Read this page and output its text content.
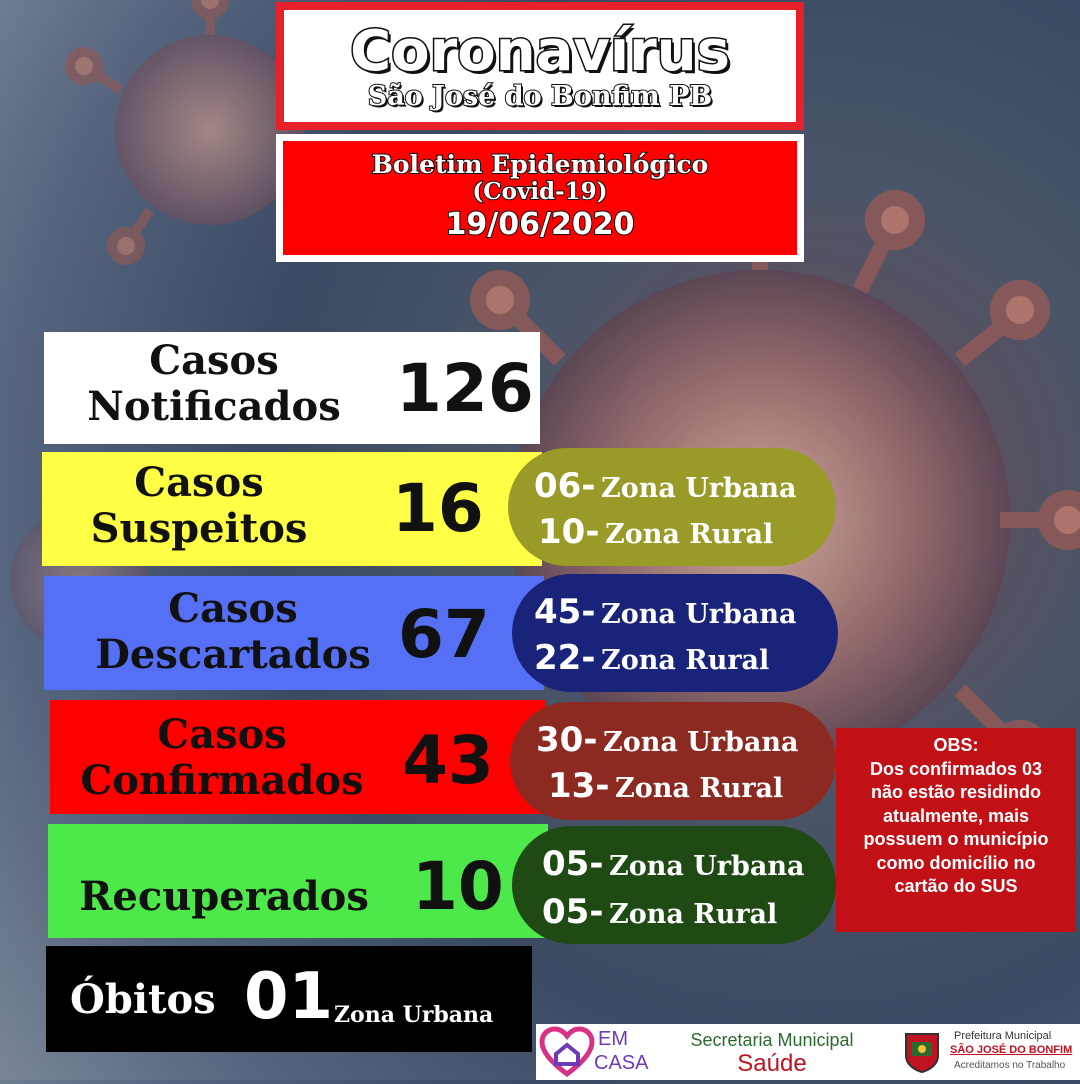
Coronavírus
São José do Bonfim PB
Boletim Epidemiológico
(Covid-19)
19/06/2020
Casos
Notificados 126
Casos
Suspeitos	16 06- Zona Urbana
10- Zona Rural
Casos
Descartados 67 45- Zona Urbana
22- Zona Rural
Casos
Confirmados 43 30- Zona Urbana
13- Zona Rural
Recuperados 10 05- Zona Urbana
05- Zona Rural
OBS:
Dos confirmados 03
não estão residindo
atualmente, mais
possuem o município
como domicílio no
cartão do SUS
Óbitos 01 Zona Urbana
EM
CASA
Secretaria Municipal
Saúde
Prefeitura Municipal
SÃO JOSÉ DO BONFIM
Acreditamos no Trabalho
